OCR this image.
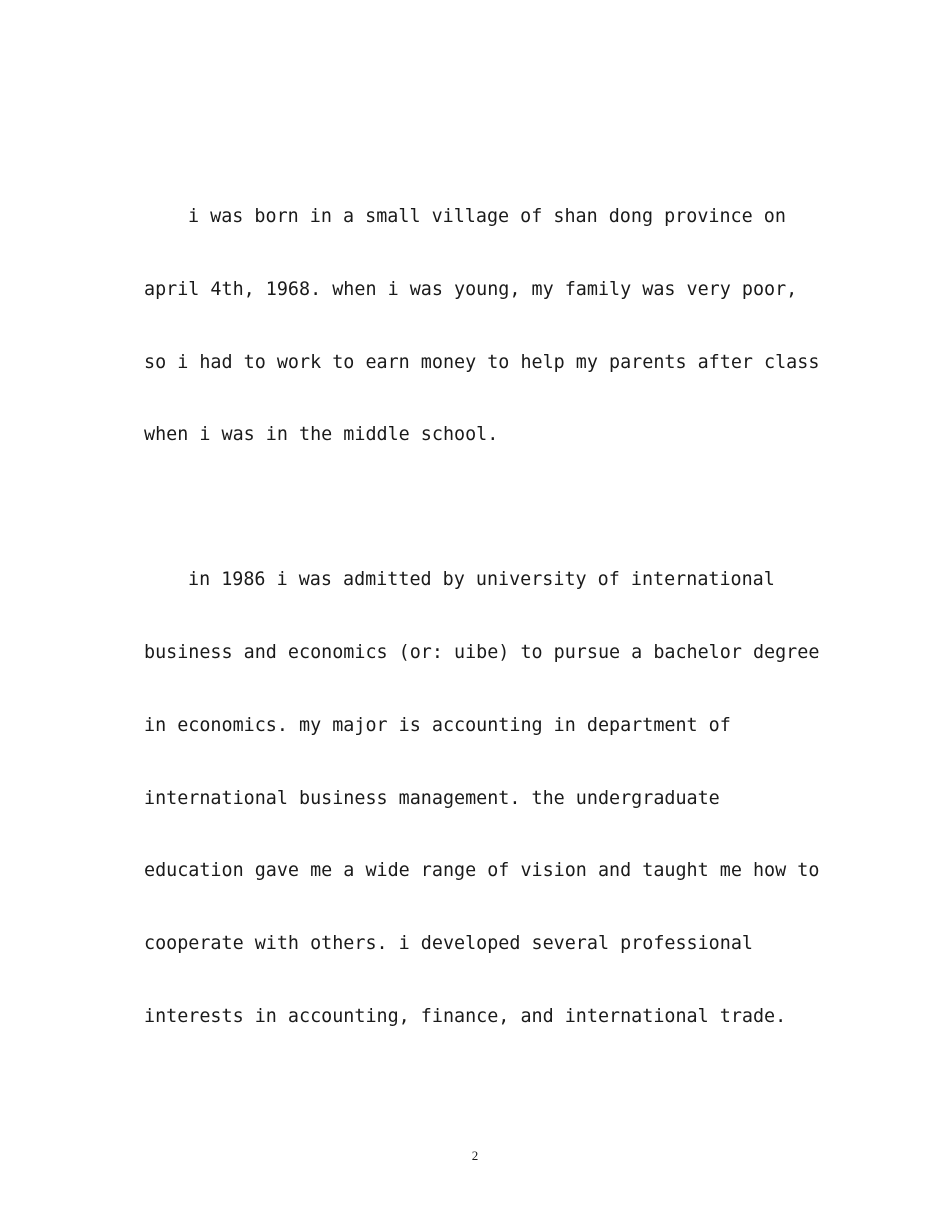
i was born in a small village of shan dong province on
april 4th, 1968. when i was young, my family was very poor,
so i had to work to earn money to help my parents after class
when i was in the middle school.
in 1986 i was admitted by university of international
business and economics (or: uibe) to pursue a bachelor degree
in economics. my major is accounting in department of
international business management. the undergraduate
education gave me a wide range of vision and taught me how to
cooperate with others. i developed several professional
interests in accounting, finance, and international trade.
2
